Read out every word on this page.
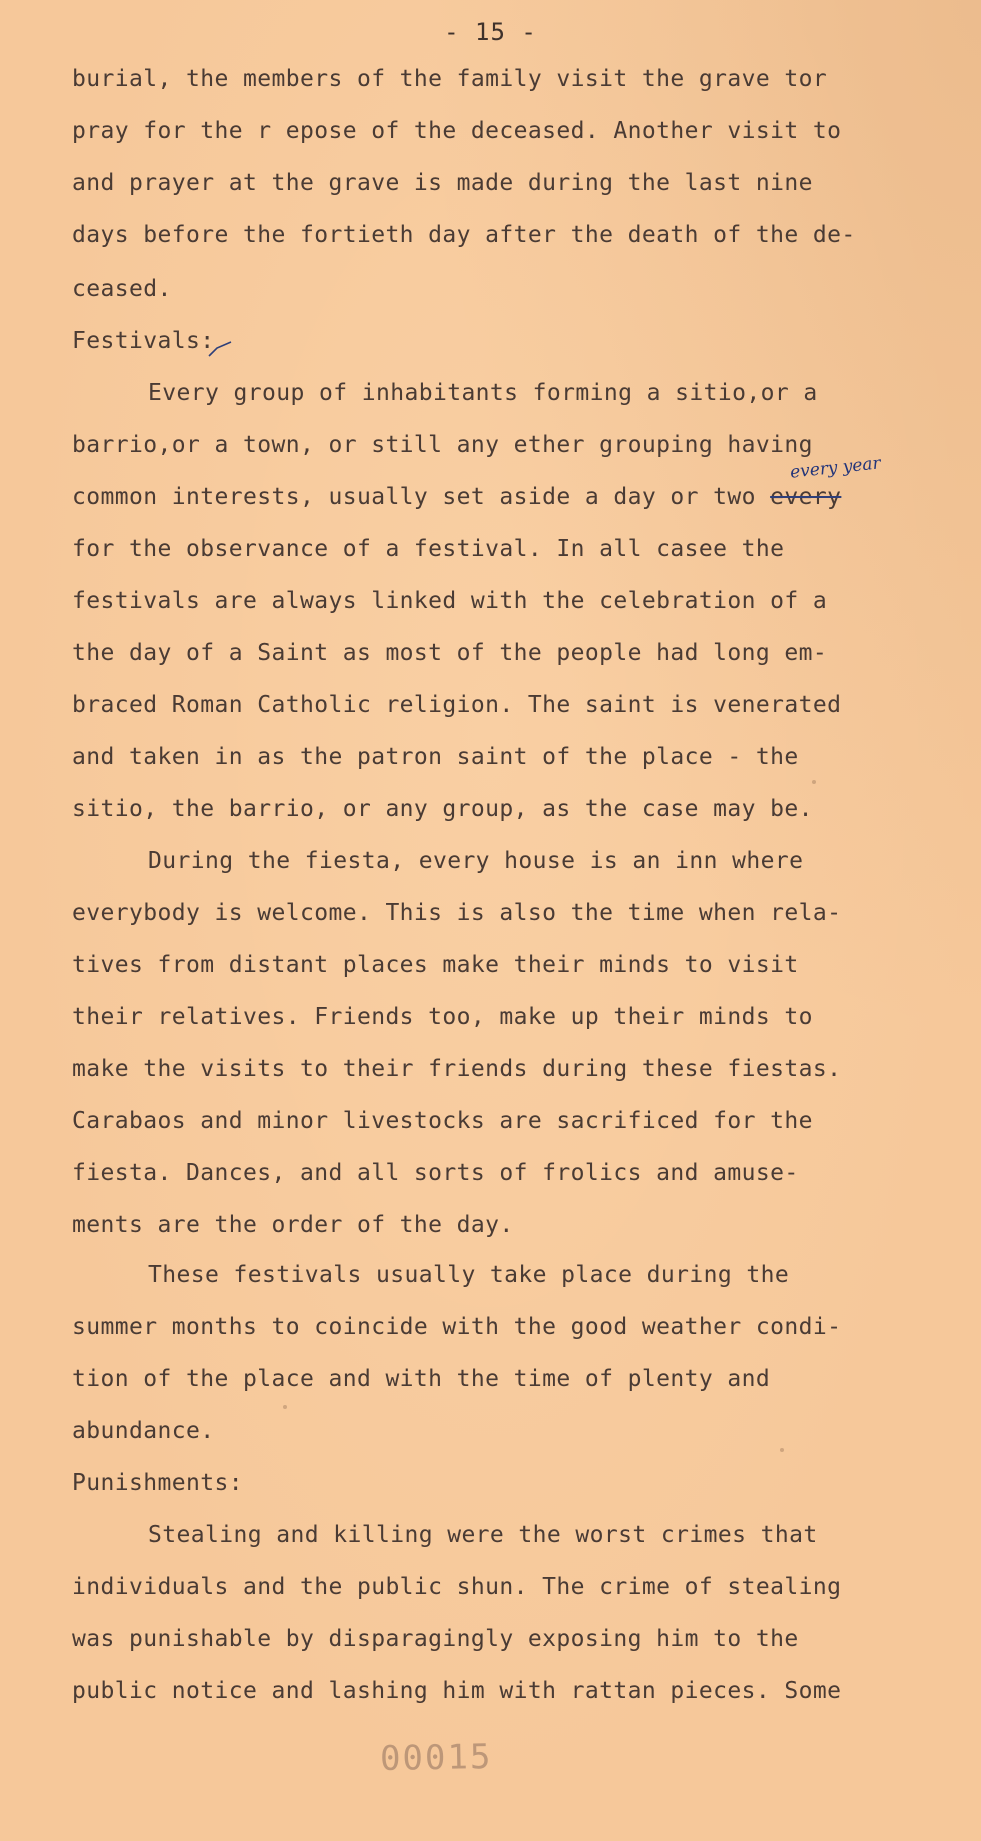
- 15 -
burial, the members of the family visit the grave tor
pray for the r epose of the deceased. Another visit to
and prayer at the grave is made during the last nine
days before the fortieth day after the death of the de-
ceased.
Festivals:
Every group of inhabitants forming a sitio,or a
barrio,or a town, or still any ether grouping having
common interests, usually set aside a day or two every
every year
for the observance of a festival. In all casee the
festivals are always linked with the celebration of a
the day of a Saint as most of the people had long em-
braced Roman Catholic religion. The saint is venerated
and taken in as the patron saint of the place - the
sitio, the barrio, or any group, as the case may be.
During the fiesta, every house is an inn where
everybody is welcome. This is also the time when rela-
tives from distant places make their minds to visit
their relatives. Friends too, make up their minds to
make the visits to their friends during these fiestas.
Carabaos and minor livestocks are sacrificed for the
fiesta. Dances, and all sorts of frolics and amuse-
ments are the order of the day.
These festivals usually take place during the
summer months to coincide with the good weather condi-
tion of the place and with the time of plenty and
abundance.
Punishments:
Stealing and killing were the worst crimes that
individuals and the public shun. The crime of stealing
was punishable by disparagingly exposing him to the
public notice and lashing him with rattan pieces. Some
00015
